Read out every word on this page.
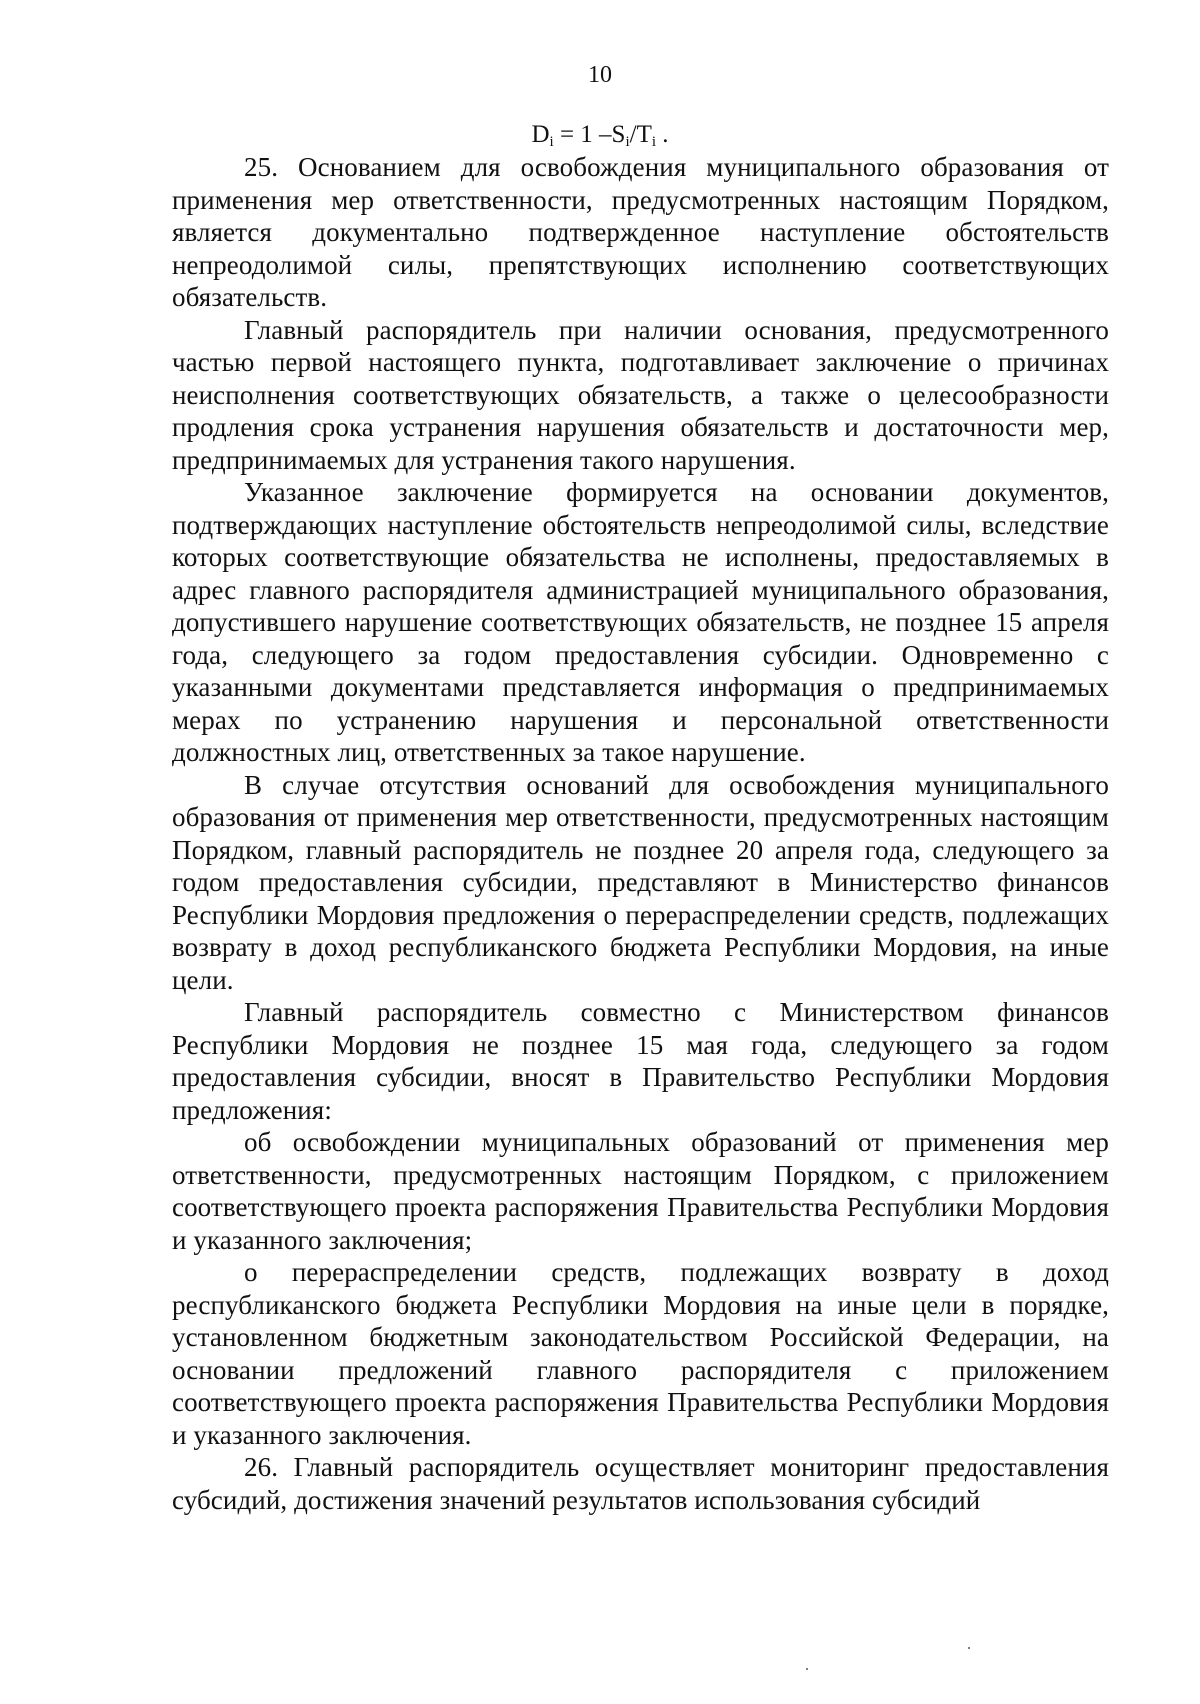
10
$D_i = 1$ $-S_i/T_i$ .

25. Основанием для освобождения муниципального образования от применения мер ответственности, предусмотренных настоящим Порядком, является документально подтвержденное наступление обстоятельств непреодолимой силы, препятствующих исполнению соответствующих обязательств.

Главный распорядитель при наличии основания, предусмотренного частью первой настоящего пункта, подготавливает заключение о причинах неисполнения соответствующих обязательств, а также о целесообразности продления срока устранения нарушения обязательств и достаточности мер, предпринимаемых для устранения такого нарушения.

Указанное заключение формируется на основании документов, подтверждающих наступление обстоятельств непреодолимой силы, вследствие которых соответствующие обязательства не исполнены, предоставляемых в адрес главного распорядителя администрацией муниципального образования, допустившего нарушение соответствующих обязательств, не позднее 15 апреля года, следующего за годом предоставления субсидии. Одновременно с указанными документами представляется информация о предпринимаемых мерах по устранению нарушения и персональной ответственности должностных лиц, ответственных за такое нарушение.

В случае отсутствия оснований для освобождения муниципального образования от применения мер ответственности, предусмотренных настоящим Порядком, главный распорядитель не позднее 20 апреля года, следующего за годом предоставления субсидии, представляют в Министерство финансов Республики Мордовия предложения о перераспределении средств, подлежащих возврату в доход республиканского бюджета Республики Мордовия, на иные цели.

Главный распорядитель совместно с Министерством финансов Республики Мордовия не позднее 15 мая года, следующего за годом предоставления субсидии, вносят в Правительство Республики Мордовия предложения:

об освобождении муниципальных образований от применения мер ответственности, предусмотренных настоящим Порядком, с приложением соответствующего проекта распоряжения Правительства Республики Мордовия и указанного заключения;

о перераспределении средств, подлежащих возврату в доход республиканского бюджета Республики Мордовия на иные цели в порядке, установленном бюджетным законодательством Российской Федерации, на основании предложений главного распорядителя с приложением соответствующего проекта распоряжения Правительства Республики Мордовия и указанного заключения.

26. Главный распорядитель осуществляет мониторинг предоставления субсидий, достижения значений результатов использования субсидий
